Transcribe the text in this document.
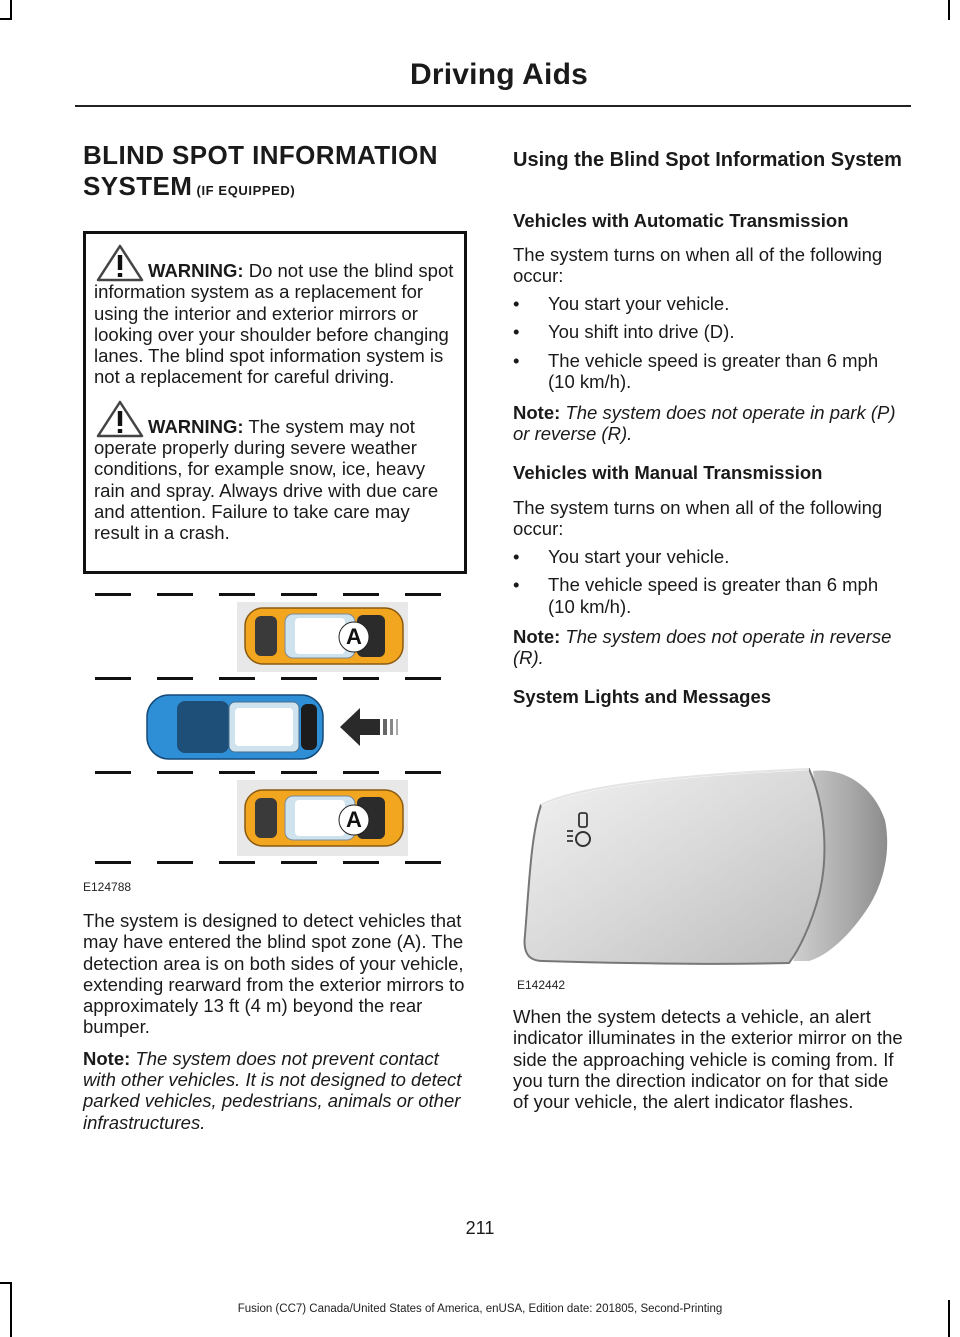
Driving Aids
BLIND SPOT INFORMATION
SYSTEM (IF EQUIPPED)
WARNING: Do not use the blind spot information system as a replacement for using the interior and exterior mirrors or looking over your shoulder before changing lanes. The blind spot information system is not a replacement for careful driving.
WARNING: The system may not operate properly during severe weather conditions, for example snow, ice, heavy rain and spray. Always drive with due care and attention. Failure to take care may result in a crash.
A
A
E124788

The system is designed to detect vehicles that may have entered the blind spot zone (A). The detection area is on both sides of your vehicle, extending rearward from the exterior mirrors to approximately 13 ft (4 m) beyond the rear bumper.

Note: The system does not prevent contact with other vehicles. It is not designed to detect parked vehicles, pedestrians, animals or other infrastructures.

Using the Blind Spot Information System
Vehicles with Automatic Transmission

The system turns on when all of the following occur:

• You start your vehicle.
• You shift into drive (D).
• The vehicle speed is greater than 6 mph (10 km/h).

Note: The system does not operate in park (P) or reverse (R).

Vehicles with Manual Transmission

The system turns on when all of the following occur:

• You start your vehicle.
• The vehicle speed is greater than 6 mph (10 km/h).

Note: The system does not operate in reverse (R).

System Lights and Messages
E142442

When the system detects a vehicle, an alert indicator illuminates in the exterior mirror on the side the approaching vehicle is coming from. If you turn the direction indicator on for that side of your vehicle, the alert indicator flashes.

211
Fusion (CC7) Canada/United States of America, enUSA, Edition date: 201805, Second-Printing
